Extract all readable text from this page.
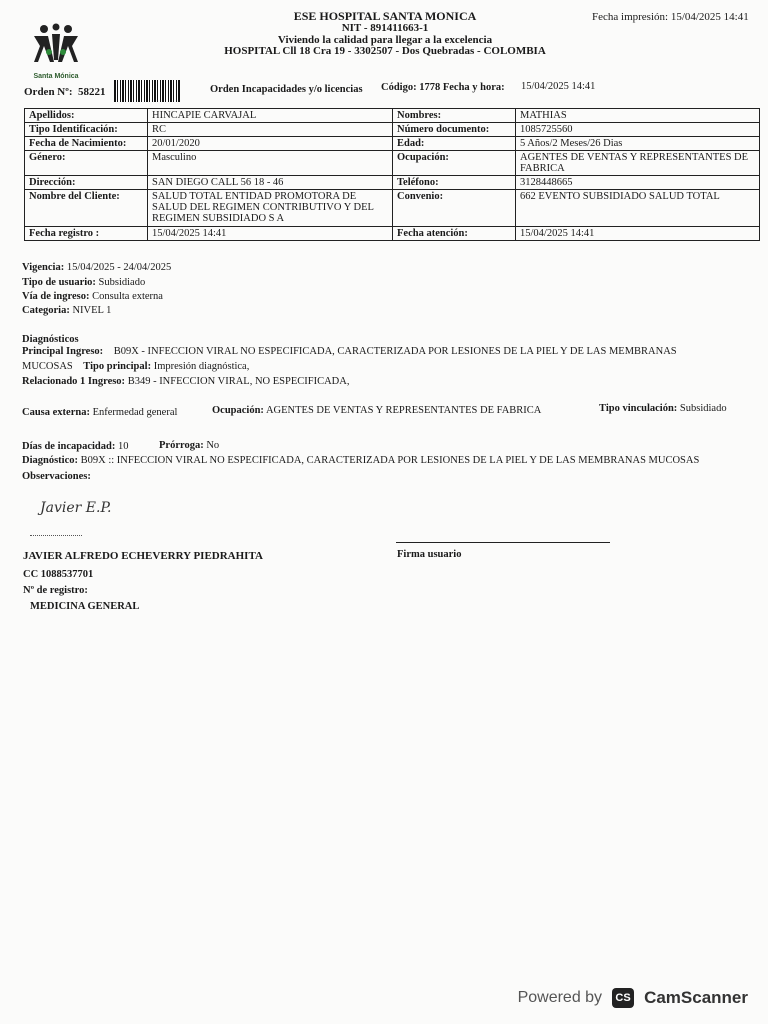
Santa Mónica
ESE HOSPITAL SANTA MONICA
NIT - 891411663-1
Viviendo la calidad para llegar a la excelencia
HOSPITAL Cll 18 Cra 19 - 3302507 - Dos Quebradas - COLOMBIA
Fecha impresión: 15/04/2025 14:41
Orden Nº: 58221	Orden Incapacidades y/o licencias Código: 1778 Fecha y hora: 15/04/2025 14:41
Apellidos:	HINCAPIE CARVAJAL	Nombres:	MATHIAS
Tipo Identificación:	RC	Número documento:	1085725560
Fecha de Nacimiento:	20/01/2020	Edad:	5 Años/2 Meses/26 Dias
Género:	Masculino	Ocupación:	AGENTES DE VENTAS Y REPRESENTANTES DE FABRICA
Dirección:	SAN DIEGO CALL 56 18 - 46	Teléfono:	3128448665
Nombre del Cliente:	SALUD TOTAL ENTIDAD PROMOTORA DE SALUD DEL REGIMEN CONTRIBUTIVO Y DEL REGIMEN SUBSIDIADO S A	Convenio:	662 EVENTO SUBSIDIADO SALUD TOTAL
Fecha registro :	15/04/2025 14:41	Fecha atención:	15/04/2025 14:41
Vigencia: 15/04/2025 - 24/04/2025
Tipo de usuario: Subsidiado
Vía de ingreso: Consulta externa
Categoria: NIVEL 1
Diagnósticos
Principal Ingreso: B09X - INFECCION VIRAL NO ESPECIFICADA, CARACTERIZADA POR LESIONES DE LA PIEL Y DE LAS MEMBRANAS
MUCOSAS Tipo principal: Impresión diagnóstica,
Relacionado 1 Ingreso: B349 - INFECCION VIRAL, NO ESPECIFICADA,
Causa externa: Enfermedad general	Ocupación: AGENTES DE VENTAS Y REPRESENTANTES DE FABRICA	Tipo vinculación: Subsidiado
Días de incapacidad: 10	Prórroga: No
Diagnóstico: B09X :: INFECCION VIRAL NO ESPECIFICADA, CARACTERIZADA POR LESIONES DE LA PIEL Y DE LAS MEMBRANAS MUCOSAS
Observaciones:
Javier E.P.
Firma usuario
JAVIER ALFREDO ECHEVERRY PIEDRAHITA
CC 1088537701
Nº de registro:
MEDICINA GENERAL
Powered by	CS CamScanner
